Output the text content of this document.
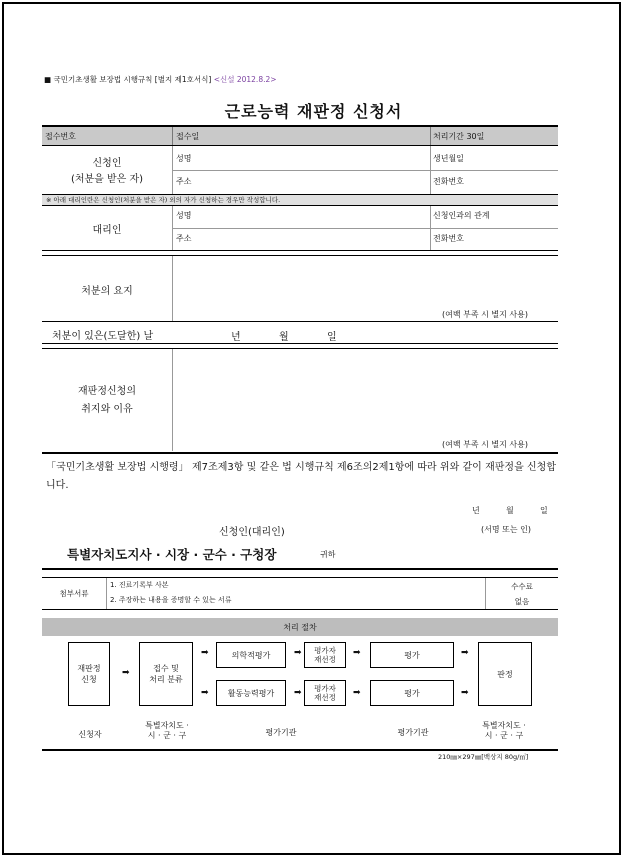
■ 국민기초생활 보장법 시행규칙 [별지 제1호서식] <신설 2012.8.2>
근로능력 재판정 신청서
접수번호	접수일	처리기간 30일
신청인
(처분을 받은 자)
성명	생년월일
주소	전화번호
※ 아래 대리인란은 신청인(처분을 받은 자) 외의 자가 신청하는 경우만 작성합니다.
대리인
성명	신청인과의 관계
주소	전화번호
처분의 요지
(여백 부족 시 별지 사용)
처분이 있은(도달한) 날	년	월	일
재판정신청의
취지와 이유
(여백 부족 시 별지 사용)
「국민기초생활 보장법 시행령」 제7조제3항 및 같은 법 시행규칙 제6조의2제1항에 따라 위와 같이 재판정을 신청합니다.
년	월	일
신청인(대리인)	(서명 또는 인)
특별자치도지사 · 시장 · 군수 · 구청장	귀하
첨부서류
1. 진료기록부 사본
2. 주장하는 내용을 증명할 수 있는 서류
수수료
없음
처리 절차
재판정
신청
➡	접수 및
처리 분류
➡
➡
의학적평가
활동능력평가
➡
➡
평가자
재선정
평가자
재선정
➡
➡
평가
평가
➡
➡
판정
신청자
특별자치도 ·
시 · 군 · 구	평가기관	평가기관
특별자치도 ·
시 · 군 · 구
210㎜×297㎜[백상지 80g/㎡]
